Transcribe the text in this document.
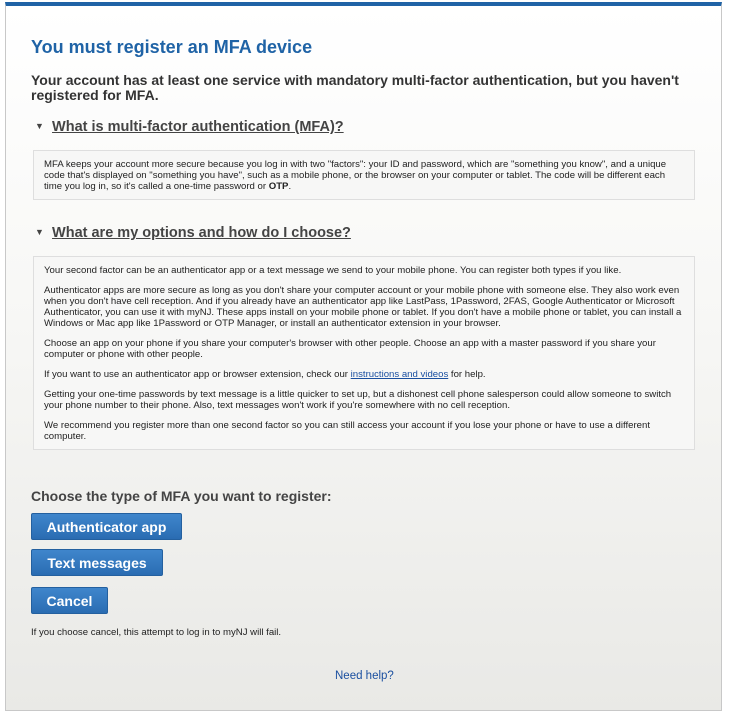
You must register an MFA device

Your account has at least one service with mandatory multi-factor authentication, but you haven't registered for MFA.

▼ What is multi-factor authentication (MFA)?

MFA keeps your account more secure because you log in with two "factors": your ID and password, which are "something you know", and a unique code that's displayed on "something you have", such as a mobile phone, or the browser on your computer or tablet. The code will be different each time you log in, so it's called a one-time password or OTP.

▼ What are my options and how do I choose?

Your second factor can be an authenticator app or a text message we send to your mobile phone. You can register both types if you like.

Authenticator apps are more secure as long as you don't share your computer account or your mobile phone with someone else. They also work even when you don't have cell reception. And if you already have an authenticator app like LastPass, 1Password, 2FAS, Google Authenticator or Microsoft Authenticator, you can use it with myNJ. These apps install on your mobile phone or tablet. If you don't have a mobile phone or tablet, you can install a Windows or Mac app like 1Password or OTP Manager, or install an authenticator extension in your browser.

Choose an app on your phone if you share your computer's browser with other people. Choose an app with a master password if you share your computer or phone with other people.

If you want to use an authenticator app or browser extension, check our instructions and videos for help.

Getting your one-time passwords by text message is a little quicker to set up, but a dishonest cell phone salesperson could allow someone to switch your phone number to their phone. Also, text messages won't work if you're somewhere with no cell reception.

We recommend you register more than one second factor so you can still access your account if you lose your phone or have to use a different computer.

Choose the type of MFA you want to register:
Authenticator app
Text messages
Cancel

If you choose cancel, this attempt to log in to myNJ will fail.

Need help?
